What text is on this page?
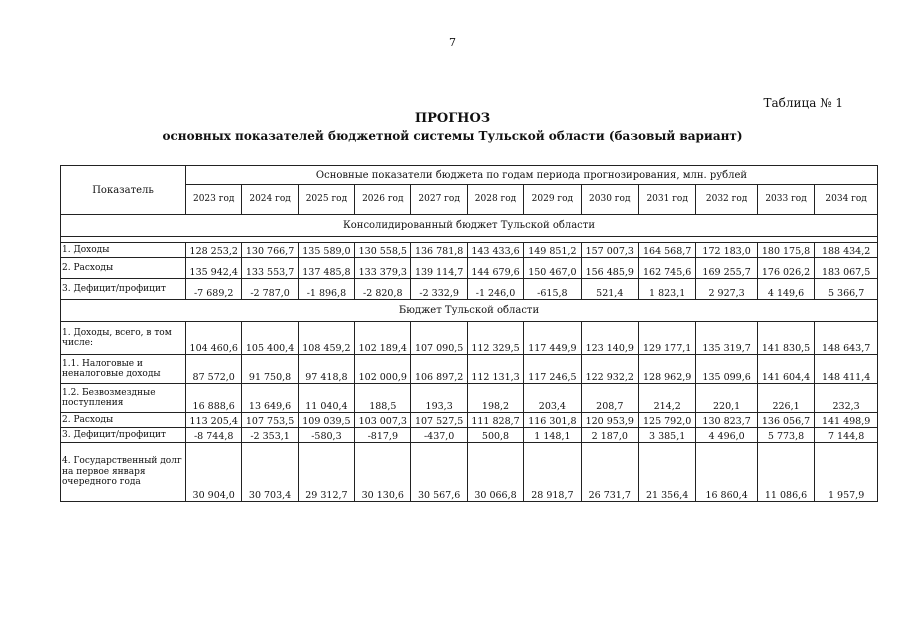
7
Таблица № 1
ПРОГНОЗ
основных показателей бюджетной системы Тульской области (базовый вариант)
Показатель	Основные показатели бюджета по годам периода прогнозирования, млн. рублей											
	2023 год	2024 год	2025 год	2026 год	2027 год	2028 год	2029 год	2030 год	2031 год	2032 год	2033 год	2034 год
Консолидированный бюджет Тульской области												

1. Доходы	128 253,2	130 766,7	135 589,0	130 558,5	136 781,8	143 433,6	149 851,2	157 007,3	164 568,7	172 183,0	180 175,8	188 434,2
2. Расходы	135 942,4	133 553,7	137 485,8	133 379,3	139 114,7	144 679,6	150 467,0	156 485,9	162 745,6	169 255,7	176 026,2	183 067,5
3. Дефицит/профицит	-7 689,2	-2 787,0	-1 896,8	-2 820,8	-2 332,9	-1 246,0	-615,8	521,4	1 823,1	2 927,3	4 149,6	5 366,7
Бюджет Тульской области												
1. Доходы, всего, в том числе:	104 460,6	105 400,4	108 459,2	102 189,4	107 090,5	112 329,5	117 449,9	123 140,9	129 177,1	135 319,7	141 830,5	148 643,7
1.1. Налоговые и неналоговые доходы	87 572,0	91 750,8	97 418,8	102 000,9	106 897,2	112 131,3	117 246,5	122 932,2	128 962,9	135 099,6	141 604,4	148 411,4
1.2. Безвозмездные поступления	16 888,6	13 649,6	11 040,4	188,5	193,3	198,2	203,4	208,7	214,2	220,1	226,1	232,3
2. Расходы	113 205,4	107 753,5	109 039,5	103 007,3	107 527,5	111 828,7	116 301,8	120 953,9	125 792,0	130 823,7	136 056,7	141 498,9
3. Дефицит/профицит	-8 744,8	-2 353,1	-580,3	-817,9	-437,0	500,8	1 148,1	2 187,0	3 385,1	4 496,0	5 773,8	7 144,8
4. Государственный долг на первое января очередного года	30 904,0	30 703,4	29 312,7	30 130,6	30 567,6	30 066,8	28 918,7	26 731,7	21 356,4	16 860,4	11 086,6	1 957,9
